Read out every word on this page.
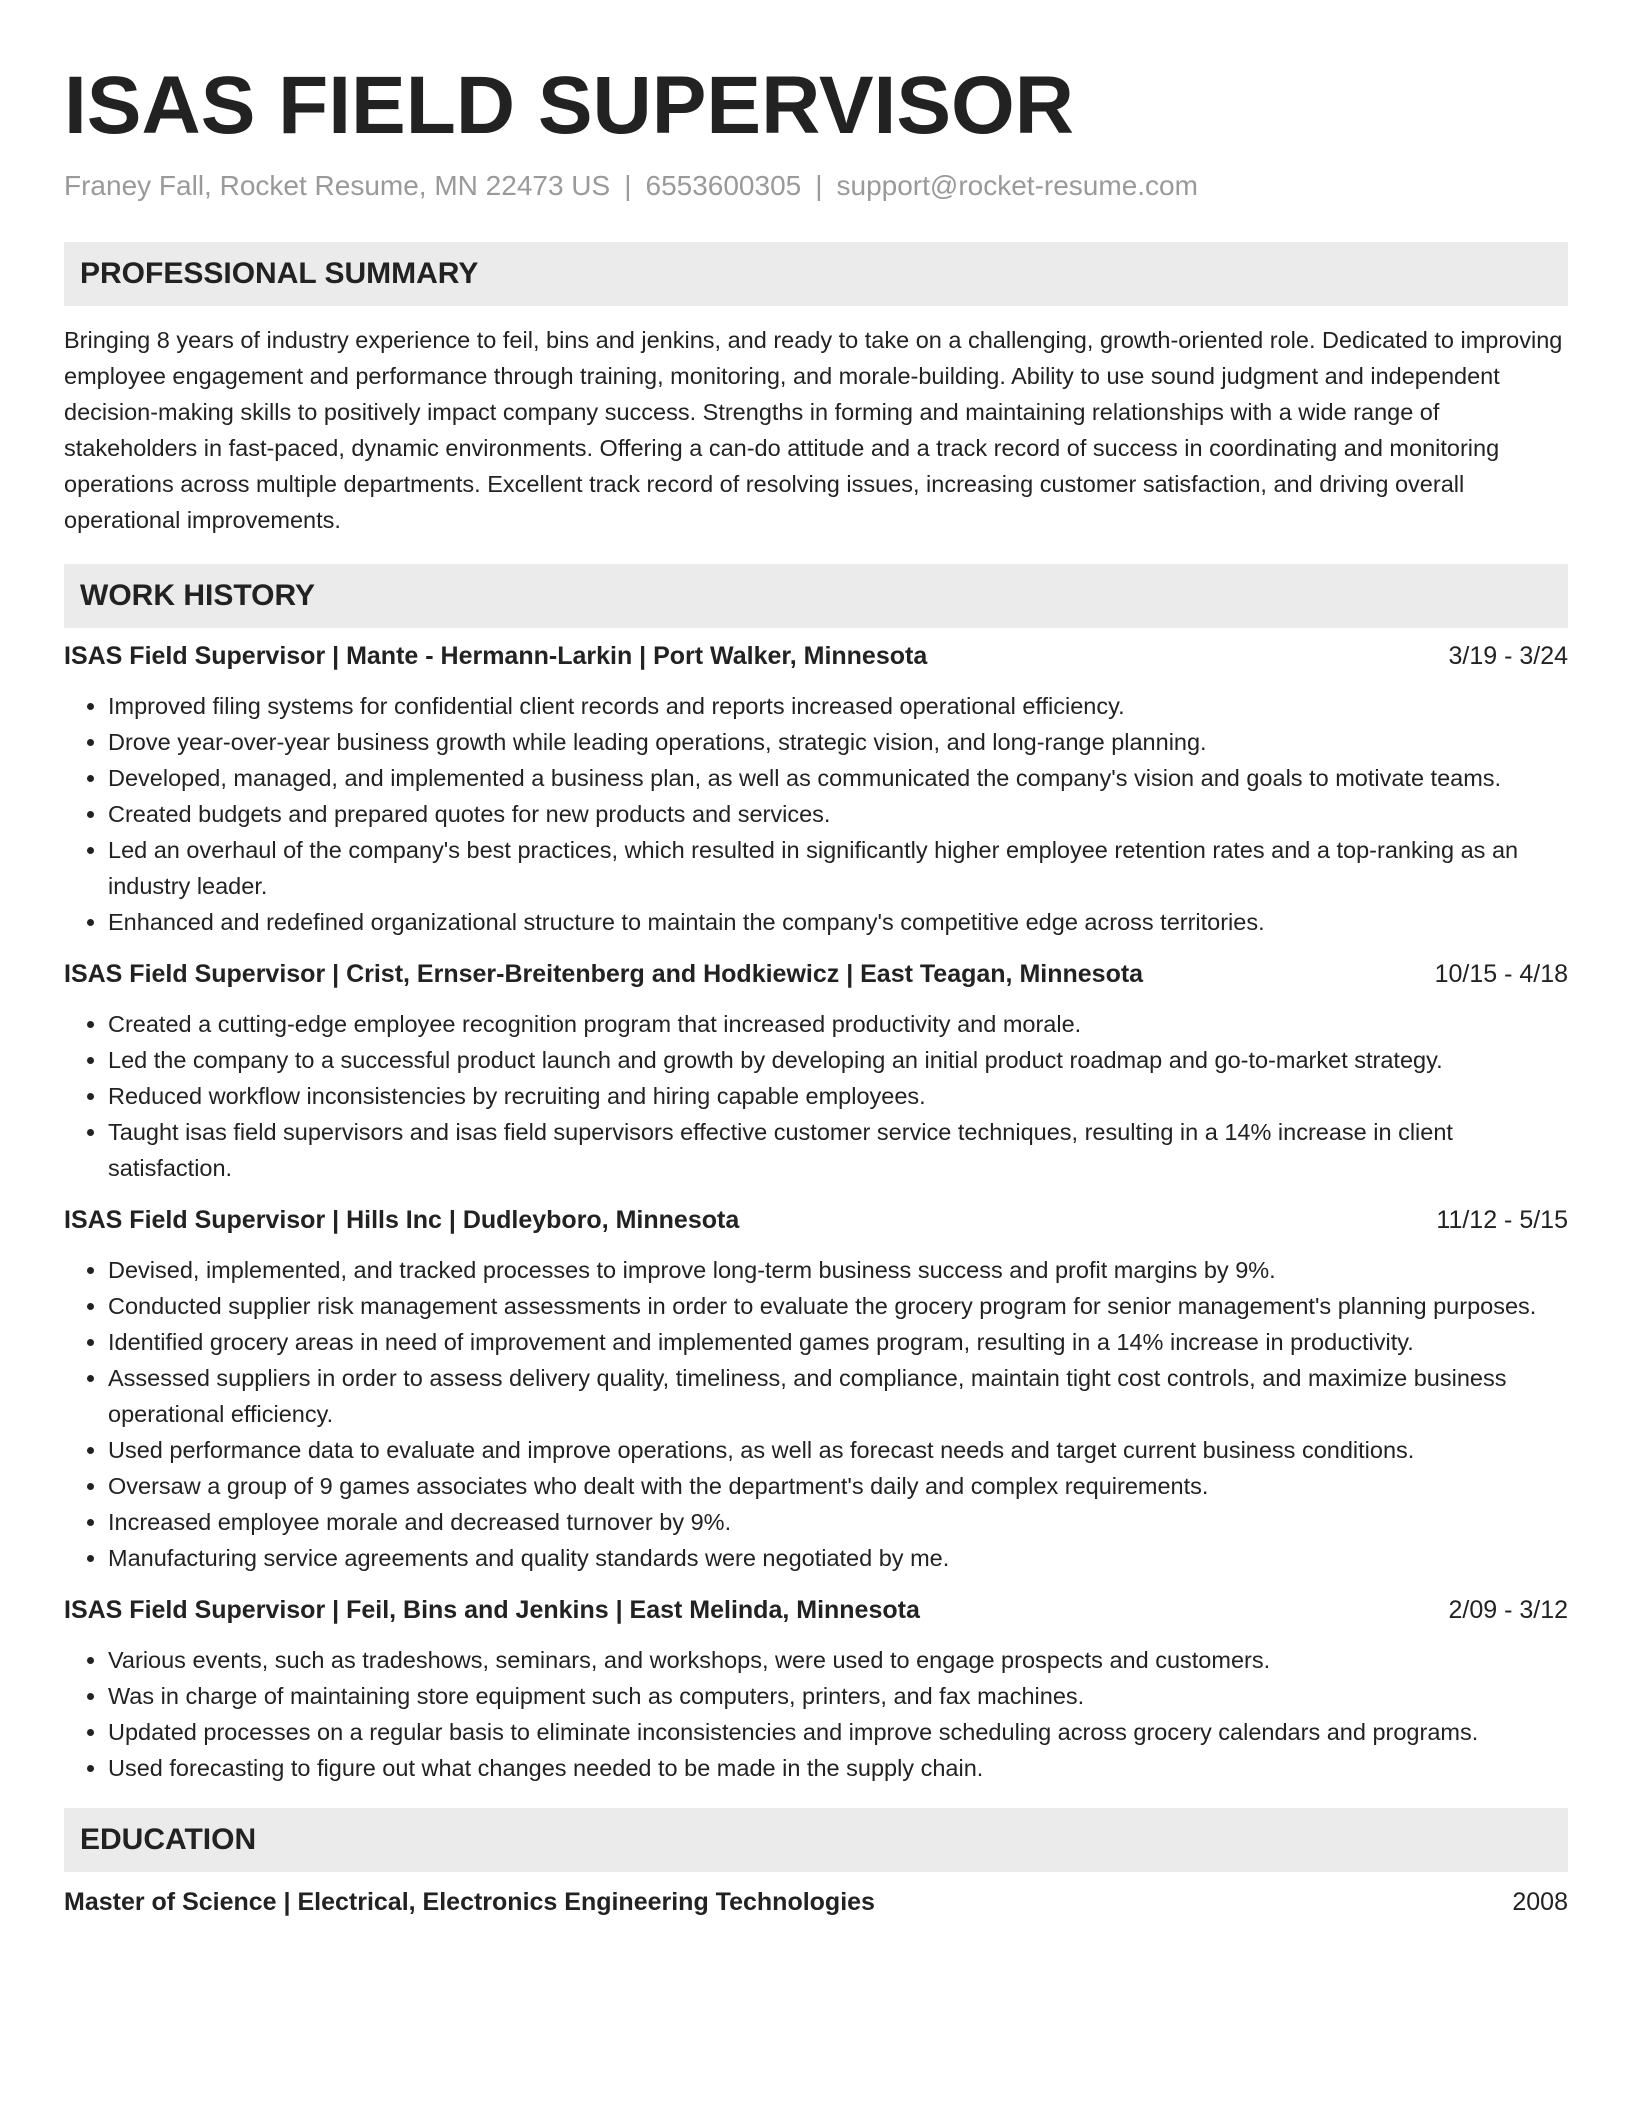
ISAS FIELD SUPERVISOR
Franey Fall, Rocket Resume, MN 22473 US | 6553600305 | support@rocket-resume.com
PROFESSIONAL SUMMARY

Bringing 8 years of industry experience to feil, bins and jenkins, and ready to take on a challenging, growth-oriented role. Dedicated to improving employee engagement and performance through training, monitoring, and morale-building. Ability to use sound judgment and independent decision-making skills to positively impact company success. Strengths in forming and maintaining relationships with a wide range of stakeholders in fast-paced, dynamic environments. Offering a can-do attitude and a track record of success in coordinating and monitoring operations across multiple departments. Excellent track record of resolving issues, increasing customer satisfaction, and driving overall operational improvements.

WORK HISTORY
ISAS Field Supervisor | Mante - Hermann-Larkin | Port Walker, Minnesota	3/19 - 3/24
• Improved filing systems for confidential client records and reports increased operational efficiency.
• Drove year-over-year business growth while leading operations, strategic vision, and long-range planning.
• Developed, managed, and implemented a business plan, as well as communicated the company's vision and goals to motivate teams.
• Created budgets and prepared quotes for new products and services.
• Led an overhaul of the company's best practices, which resulted in significantly higher employee retention rates and a top-ranking as an industry leader.
• Enhanced and redefined organizational structure to maintain the company's competitive edge across territories.
ISAS Field Supervisor | Crist, Ernser-Breitenberg and Hodkiewicz | East Teagan, Minnesota	10/15 - 4/18
• Created a cutting-edge employee recognition program that increased productivity and morale.
• Led the company to a successful product launch and growth by developing an initial product roadmap and go-to-market strategy.
• Reduced workflow inconsistencies by recruiting and hiring capable employees.
• Taught isas field supervisors and isas field supervisors effective customer service techniques, resulting in a 14% increase in client satisfaction.
ISAS Field Supervisor | Hills Inc | Dudleyboro, Minnesota	11/12 - 5/15
• Devised, implemented, and tracked processes to improve long-term business success and profit margins by 9%.
• Conducted supplier risk management assessments in order to evaluate the grocery program for senior management's planning purposes.
• Identified grocery areas in need of improvement and implemented games program, resulting in a 14% increase in productivity.
• Assessed suppliers in order to assess delivery quality, timeliness, and compliance, maintain tight cost controls, and maximize business operational efficiency.
• Used performance data to evaluate and improve operations, as well as forecast needs and target current business conditions.
• Oversaw a group of 9 games associates who dealt with the department's daily and complex requirements.
• Increased employee morale and decreased turnover by 9%.
• Manufacturing service agreements and quality standards were negotiated by me.
ISAS Field Supervisor | Feil, Bins and Jenkins | East Melinda, Minnesota	2/09 - 3/12
• Various events, such as tradeshows, seminars, and workshops, were used to engage prospects and customers.
• Was in charge of maintaining store equipment such as computers, printers, and fax machines.
• Updated processes on a regular basis to eliminate inconsistencies and improve scheduling across grocery calendars and programs.
• Used forecasting to figure out what changes needed to be made in the supply chain.
EDUCATION
Master of Science | Electrical, Electronics Engineering Technologies	2008
